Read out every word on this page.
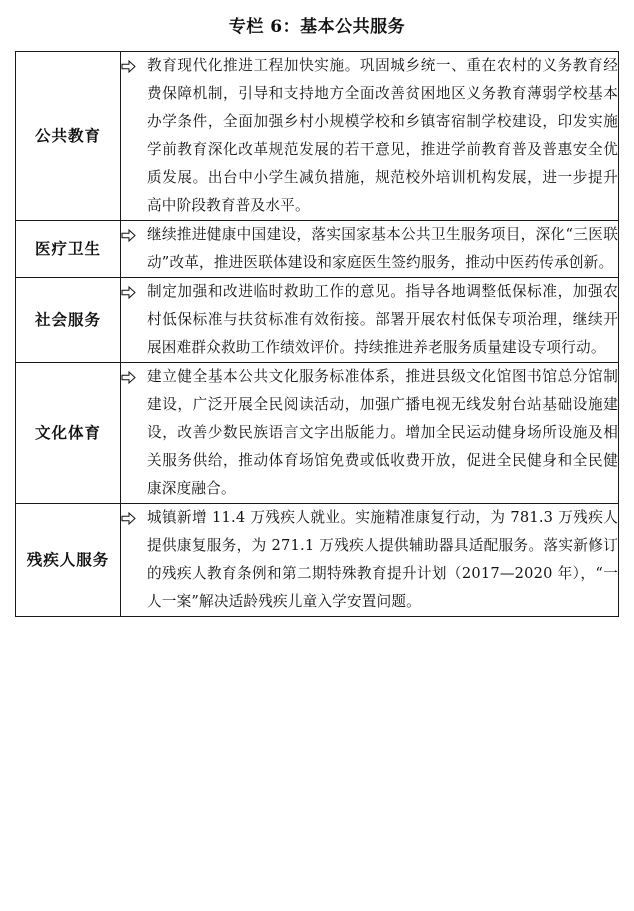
专栏 6：基本公共服务
公共教育	教育现代化推进工程加快实施。巩固城乡统一、重在农村的义务教育经费保障机制，引导和支持地方全面改善贫困地区义务教育薄弱学校基本办学条件，全面加强乡村小规模学校和乡镇寄宿制学校建设，印发实施学前教育深化改革规范发展的若干意见，推进学前教育普及普惠安全优质发展。出台中小学生减负措施，规范校外培训机构发展，进一步提升高中阶段教育普及水平。

医疗卫生	继续推进健康中国建设，落实国家基本公共卫生服务项目，深化“三医联动”改革，推进医联体建设和家庭医生签约服务，推动中医药传承创新。

社会服务	制定加强和改进临时救助工作的意见。指导各地调整低保标准，加强农村低保标准与扶贫标准有效衔接。部署开展农村低保专项治理，继续开展困难群众救助工作绩效评价。持续推进养老服务质量建设专项行动。

文化体育	建立健全基本公共文化服务标准体系，推进县级文化馆图书馆总分馆制建设，广泛开展全民阅读活动，加强广播电视无线发射台站基础设施建设，改善少数民族语言文字出版能力。增加全民运动健身场所设施及相关服务供给，推动体育场馆免费或低收费开放，促进全民健身和全民健康深度融合。

残疾人服务	城镇新增 11.4 万残疾人就业。实施精准康复行动，为 781.3 万残疾人提供康复服务，为 271.1 万残疾人提供辅助器具适配服务。落实新修订的残疾人教育条例和第二期特殊教育提升计划（2017—2020 年），“一人一案”解决适龄残疾儿童入学安置问题。
